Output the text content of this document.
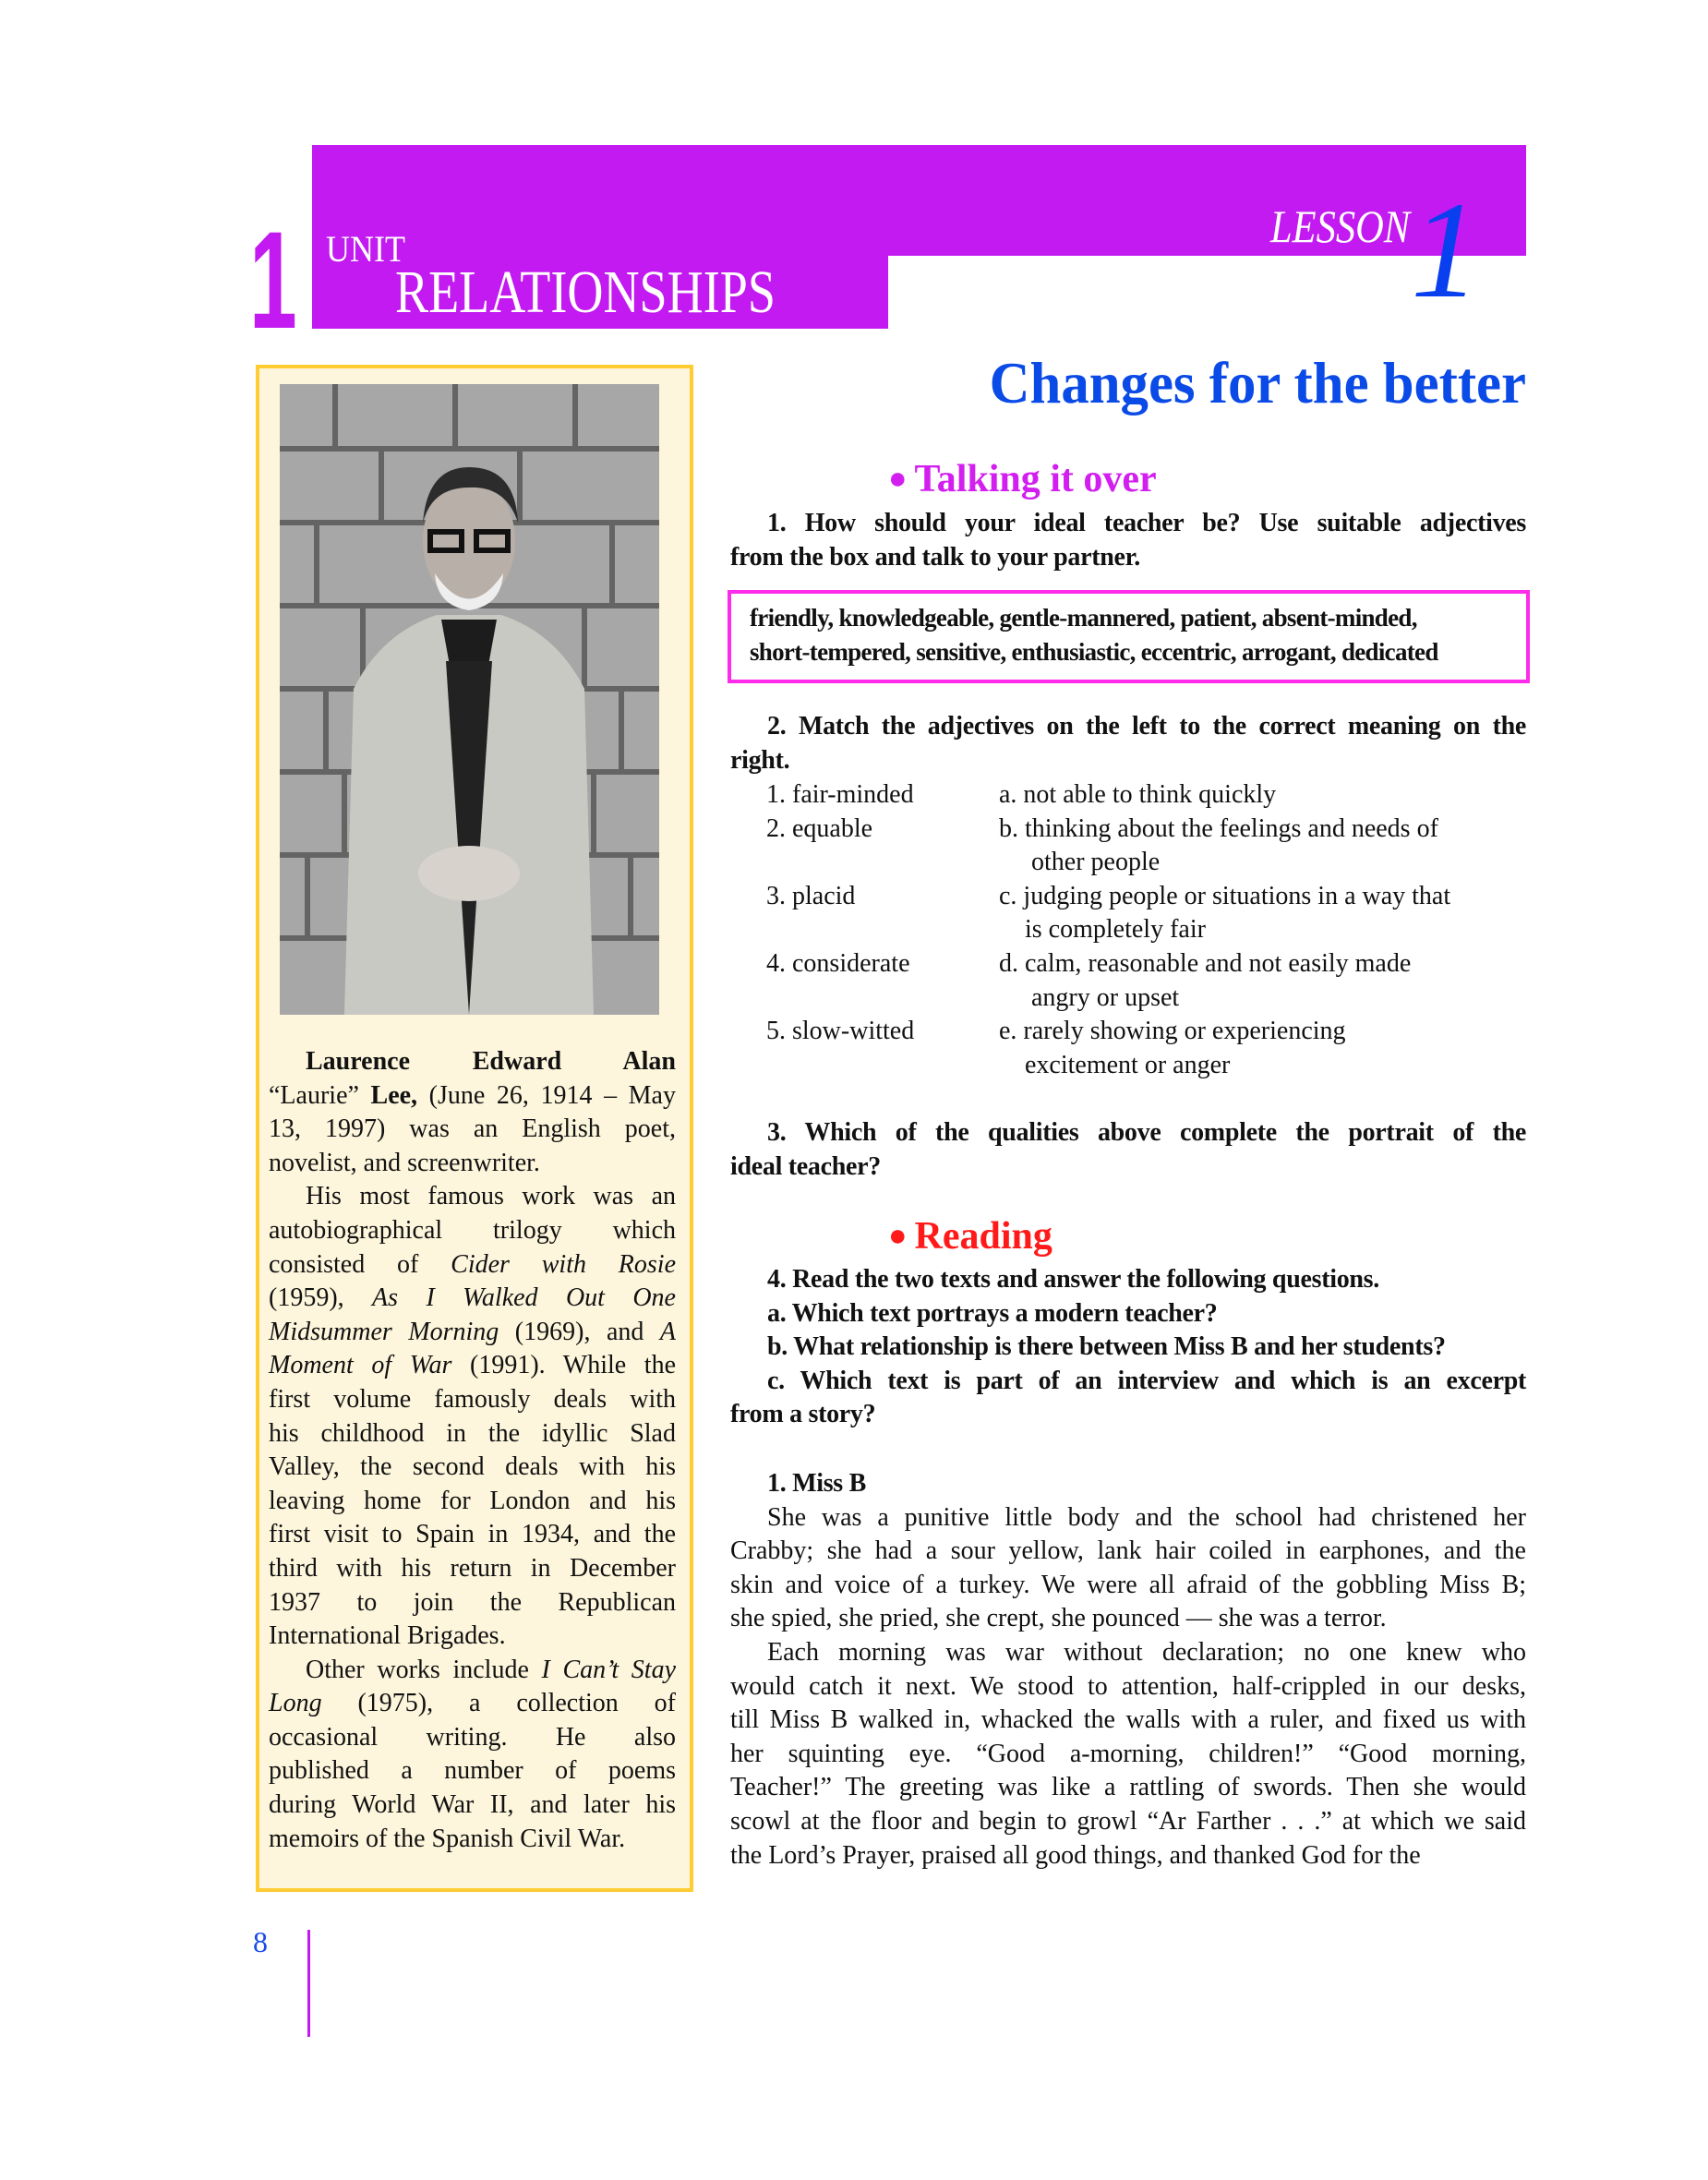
1 UNIT
RELATIONSHIPS
LESSON 1
Changes for the better
Laurence Edward Alan
“Laurie” Lee, (June 26, 1914 – May
13, 1997) was an English poet,
novelist, and screenwriter.
His most famous work was an
autobiographical trilogy which
consisted of Cider with Rosie
(1959), As I Walked Out One
Midsummer Morning (1969), and A
Moment of War (1991). While the
first volume famously deals with
his childhood in the idyllic Slad
Valley, the second deals with his
leaving home for London and his
first visit to Spain in 1934, and the
third with his return in December
1937 to join the Republican
International Brigades.
Other works include I Can’t Stay
Long (1975), a collection of
occasional writing. He also
published a number of poems
during World War II, and later his
memoirs of the Spanish Civil War.
● Talking it over
1. How should your ideal teacher be? Use suitable adjectives
from the box and talk to your partner.
friendly, knowledgeable, gentle-mannered, patient, absent-minded,
short-tempered, sensitive, enthusiastic, eccentric, arrogant, dedicated
2. Match the adjectives on the left to the correct meaning on the
right.
1. fair-minded	a. not able to think quickly
2. equable	b. thinking about the feelings and needs of
other people
3. placid	c. judging people or situations in a way that
is completely fair
4. considerate	d. calm, reasonable and not easily made
angry or upset
5. slow-witted	e. rarely showing or experiencing
excitement or anger
3. Which of the qualities above complete the portrait of the
ideal teacher?
● Reading
4. Read the two texts and answer the following questions.
a. Which text portrays a modern teacher?
b. What relationship is there between Miss B and her students?
c. Which text is part of an interview and which is an excerpt
from a story?
1. Miss B
She was a punitive little body and the school had christened her
Crabby; she had a sour yellow, lank hair coiled in earphones, and the
skin and voice of a turkey. We were all afraid of the gobbling Miss B;
she spied, she pried, she crept, she pounced — she was a terror.
Each morning was war without declaration; no one knew who
would catch it next. We stood to attention, half-crippled in our desks,
till Miss B walked in, whacked the walls with a ruler, and fixed us with
her squinting eye. “Good a-morning, children!” “Good morning,
Teacher!” The greeting was like a rattling of swords. Then she would
scowl at the floor and begin to growl “Ar Farther . . .” at which we said
the Lord’s Prayer, praised all good things, and thanked God for the
8
